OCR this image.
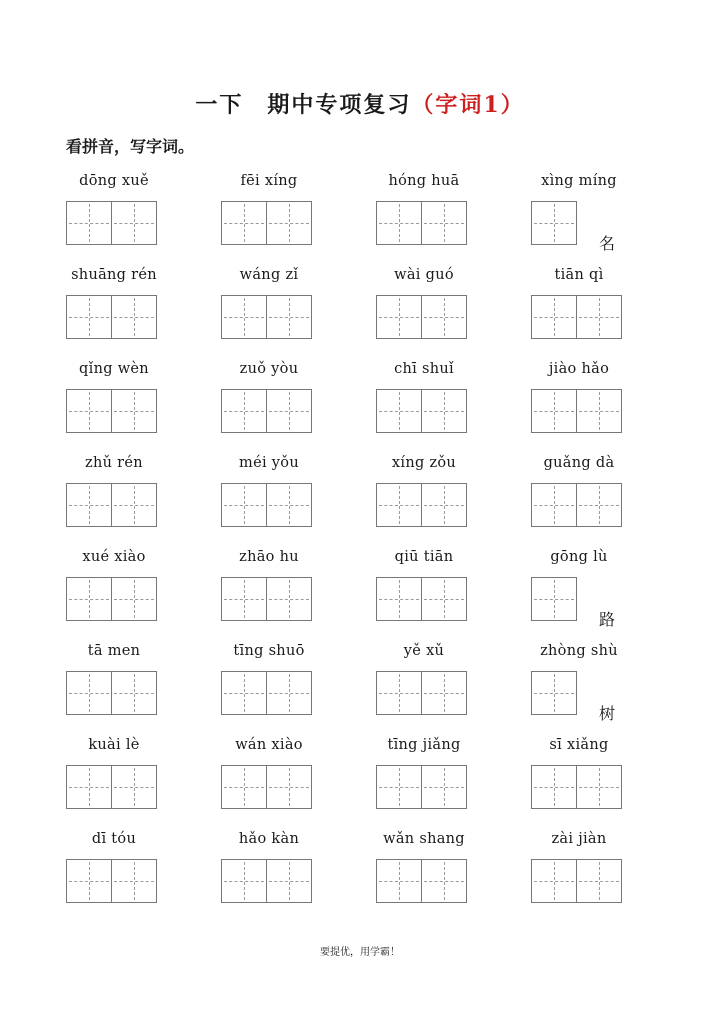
一下　期中专项复习（字词1）
看拼音，写字词。
dōng xuě	fēi xíng	hóng huā	xìng míng
名
shuāng rén	wáng zǐ	wài guó	tiān qì
qǐng wèn	zuǒ yòu	chī shuǐ	jiào hǎo
zhǔ rén	méi yǒu	xíng zǒu	guǎng dà
xué xiào	zhāo hu	qiū tiān	gōng lù
路
tā men	tīng shuō	yě xǔ	zhòng shù
树
kuài lè	wán xiào	tīng jiǎng	sī xiǎng
dī tóu	hǎo kàn	wǎn shang	zài jiàn
要提优，用学霸！
